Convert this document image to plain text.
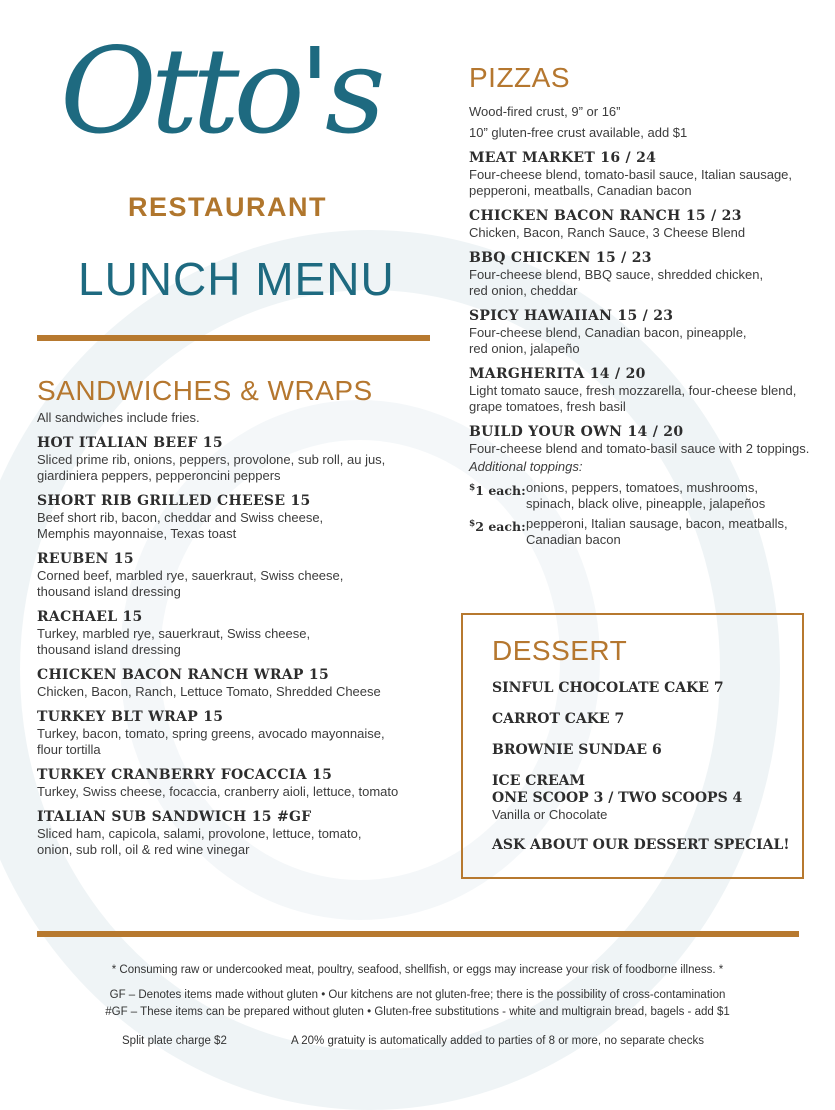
Otto's
RESTAURANT
LUNCH MENU
SANDWICHES & WRAPS
All sandwiches include fries.
HOT ITALIAN BEEF 15
Sliced prime rib, onions, peppers, provolone, sub roll, au jus,
giardiniera peppers, pepperoncini peppers
SHORT RIB GRILLED CHEESE 15
Beef short rib, bacon, cheddar and Swiss cheese,
Memphis mayonnaise, Texas toast
REUBEN 15
Corned beef, marbled rye, sauerkraut, Swiss cheese,
thousand island dressing
RACHAEL 15
Turkey, marbled rye, sauerkraut, Swiss cheese,
thousand island dressing
CHICKEN BACON RANCH WRAP 15
Chicken, Bacon, Ranch, Lettuce Tomato, Shredded Cheese
TURKEY BLT WRAP 15
Turkey, bacon, tomato, spring greens, avocado mayonnaise,
flour tortilla
TURKEY CRANBERRY FOCACCIA 15
Turkey, Swiss cheese, focaccia, cranberry aioli, lettuce, tomato
ITALIAN SUB SANDWICH 15 #GF
Sliced ham, capicola, salami, provolone, lettuce, tomato,
onion, sub roll, oil & red wine vinegar
PIZZAS
Wood-fired crust, 9” or 16”
10” gluten-free crust available, add $1
MEAT MARKET 16 / 24
Four-cheese blend, tomato-basil sauce, Italian sausage,
pepperoni, meatballs, Canadian bacon
CHICKEN BACON RANCH 15 / 23
Chicken, Bacon, Ranch Sauce, 3 Cheese Blend
BBQ CHICKEN 15 / 23
Four-cheese blend, BBQ sauce, shredded chicken,
red onion, cheddar
SPICY HAWAIIAN 15 / 23
Four-cheese blend, Canadian bacon, pineapple,
red onion, jalapeño
MARGHERITA 14 / 20
Light tomato sauce, fresh mozzarella, four-cheese blend,
grape tomatoes, fresh basil
BUILD YOUR OWN 14 / 20
Four-cheese blend and tomato-basil sauce with 2 toppings.
Additional toppings:
$1 each: onions, peppers, tomatoes, mushrooms,
spinach, black olive, pineapple, jalapeños
$2 each: pepperoni, Italian sausage, bacon, meatballs,
Canadian bacon
DESSERT
SINFUL CHOCOLATE CAKE 7
CARROT CAKE 7
BROWNIE SUNDAE 6
ICE CREAM
ONE SCOOP 3 / TWO SCOOPS 4
Vanilla or Chocolate
ASK ABOUT OUR DESSERT SPECIAL!
* Consuming raw or undercooked meat, poultry, seafood, shellfish, or eggs may increase your risk of foodborne illness. *
GF – Denotes items made without gluten • Our kitchens are not gluten-free; there is the possibility of cross-contamination
#GF – These items can be prepared without gluten • Gluten-free substitutions - white and multigrain bread, bagels - add $1
Split plate charge $2	A 20% gratuity is automatically added to parties of 8 or more, no separate checks
